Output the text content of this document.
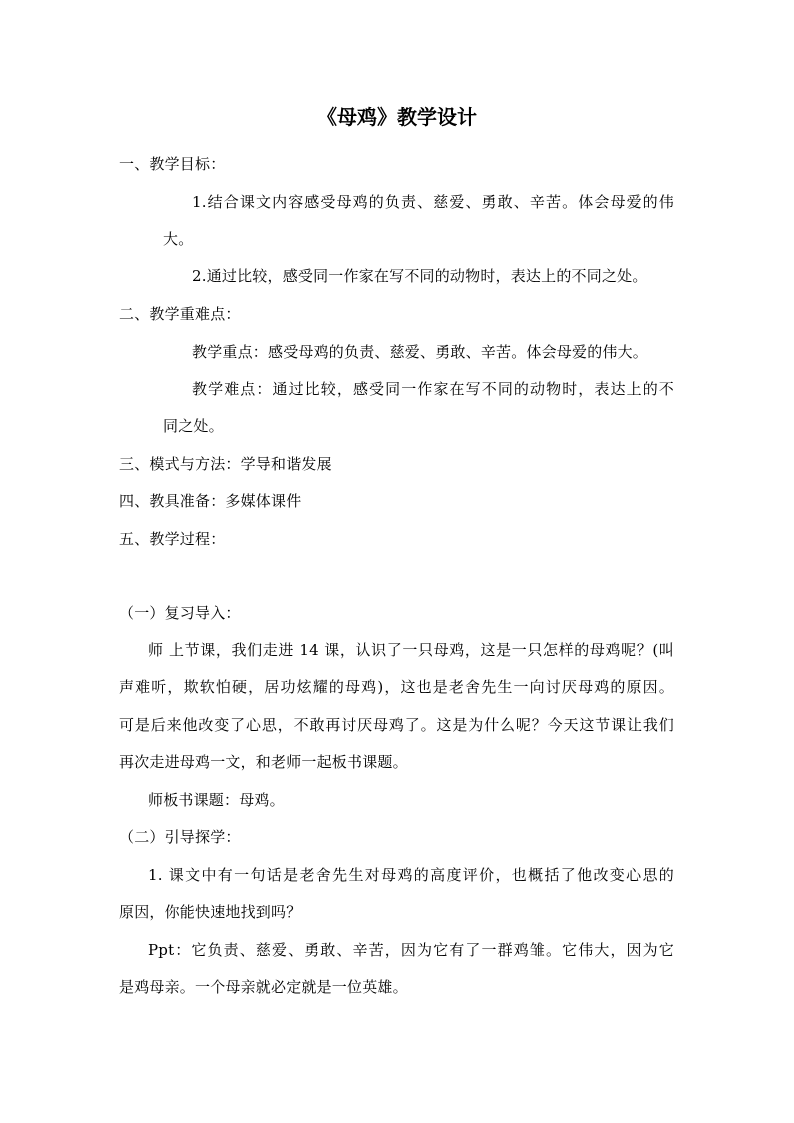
《母鸡》教学设计
一、教学目标：
1.结合课文内容感受母鸡的负责、慈爱、勇敢、辛苦。体会母爱的伟
大。
2.通过比较，感受同一作家在写不同的动物时，表达上的不同之处。
二、教学重难点：
教学重点：感受母鸡的负责、慈爱、勇敢、辛苦。体会母爱的伟大。
教学难点：通过比较，感受同一作家在写不同的动物时，表达上的不
同之处。
三、模式与方法：学导和谐发展
四、教具准备：多媒体课件
五、教学过程：
（一）复习导入：
师 上节课，我们走进 14 课，认识了一只母鸡，这是一只怎样的母鸡呢？(叫
声难听，欺软怕硬，居功炫耀的母鸡)，这也是老舍先生一向讨厌母鸡的原因。
可是后来他改变了心思，不敢再讨厌母鸡了。这是为什么呢？今天这节课让我们
再次走进母鸡一文，和老师一起板书课题。
师板书课题：母鸡。
（二）引导探学：
1. 课文中有一句话是老舍先生对母鸡的高度评价，也概括了他改变心思的
原因，你能快速地找到吗？
Ppt：它负责、慈爱、勇敢、辛苦，因为它有了一群鸡雏。它伟大，因为它
是鸡母亲。一个母亲就必定就是一位英雄。
